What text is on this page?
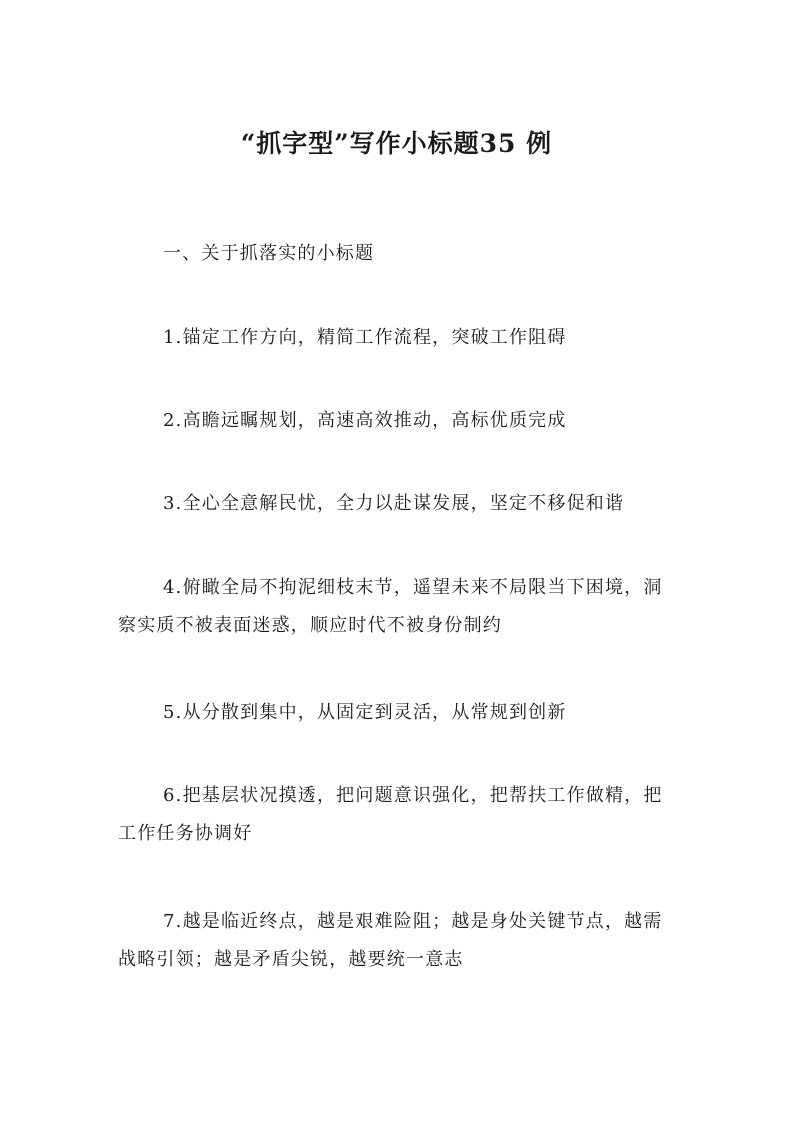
“抓字型”写作小标题35 例

一、关于抓落实的小标题

1.锚定工作方向，精简工作流程，突破工作阻碍

2.高瞻远瞩规划，高速高效推动，高标优质完成

3.全心全意解民忧，全力以赴谋发展，坚定不移促和谐

4.俯瞰全局不拘泥细枝末节，遥望未来不局限当下困境，洞察实质不被表面迷惑，顺应时代不被身份制约

5.从分散到集中，从固定到灵活，从常规到创新

6.把基层状况摸透，把问题意识强化，把帮扶工作做精，把工作任务协调好

7.越是临近终点，越是艰难险阻；越是身处关键节点，越需战略引领；越是矛盾尖锐，越要统一意志
